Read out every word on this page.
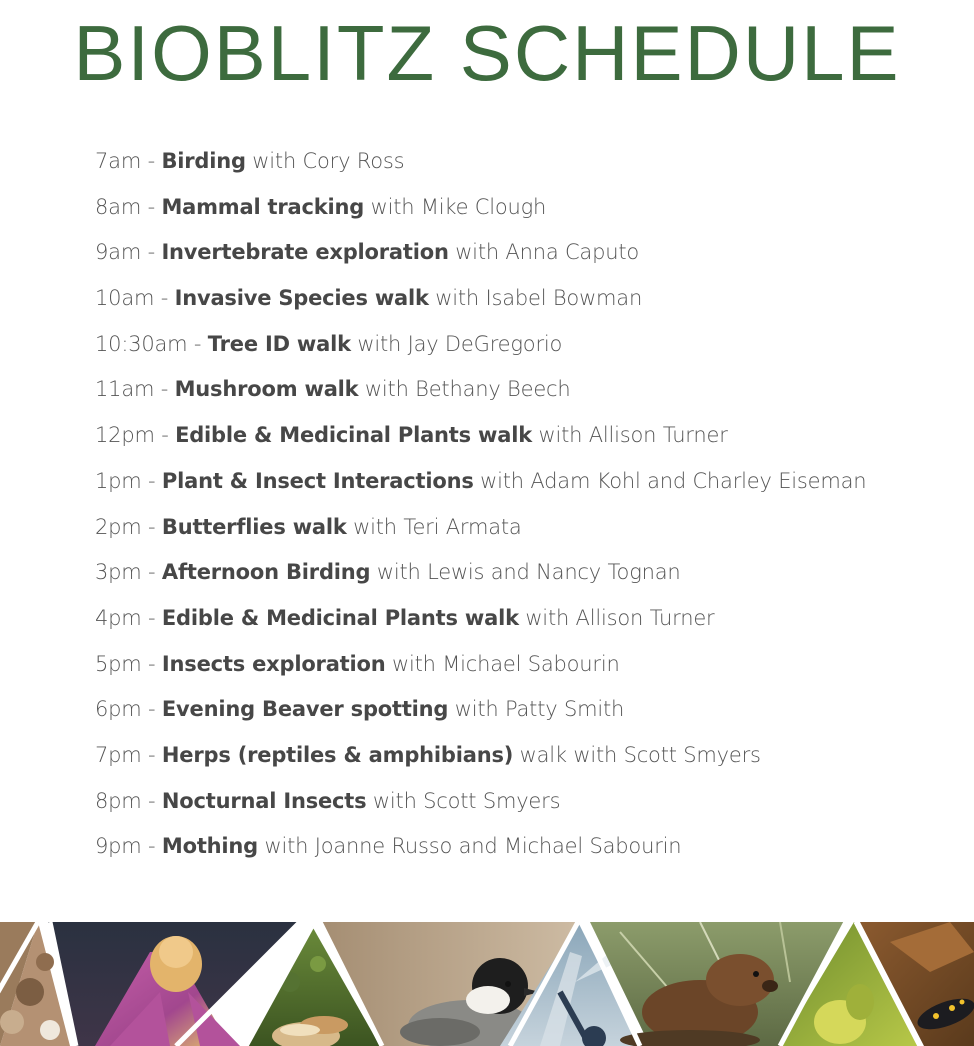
BIOBLITZ SCHEDULE
7am - Birding with Cory Ross
8am - Mammal tracking with Mike Clough
9am - Invertebrate exploration with Anna Caputo
10am - Invasive Species walk with Isabel Bowman
10:30am - Tree ID walk with Jay DeGregorio
11am - Mushroom walk with Bethany Beech
12pm - Edible & Medicinal Plants walk with Allison Turner
1pm - Plant & Insect Interactions with Adam Kohl and Charley Eiseman
2pm - Butterflies walk with Teri Armata
3pm - Afternoon Birding with Lewis and Nancy Tognan
4pm - Edible & Medicinal Plants walk with Allison Turner
5pm - Insects exploration with Michael Sabourin
6pm - Evening Beaver spotting with Patty Smith
7pm - Herps (reptiles & amphibians) walk with Scott Smyers
8pm - Nocturnal Insects with Scott Smyers
9pm - Mothing with Joanne Russo and Michael Sabourin
